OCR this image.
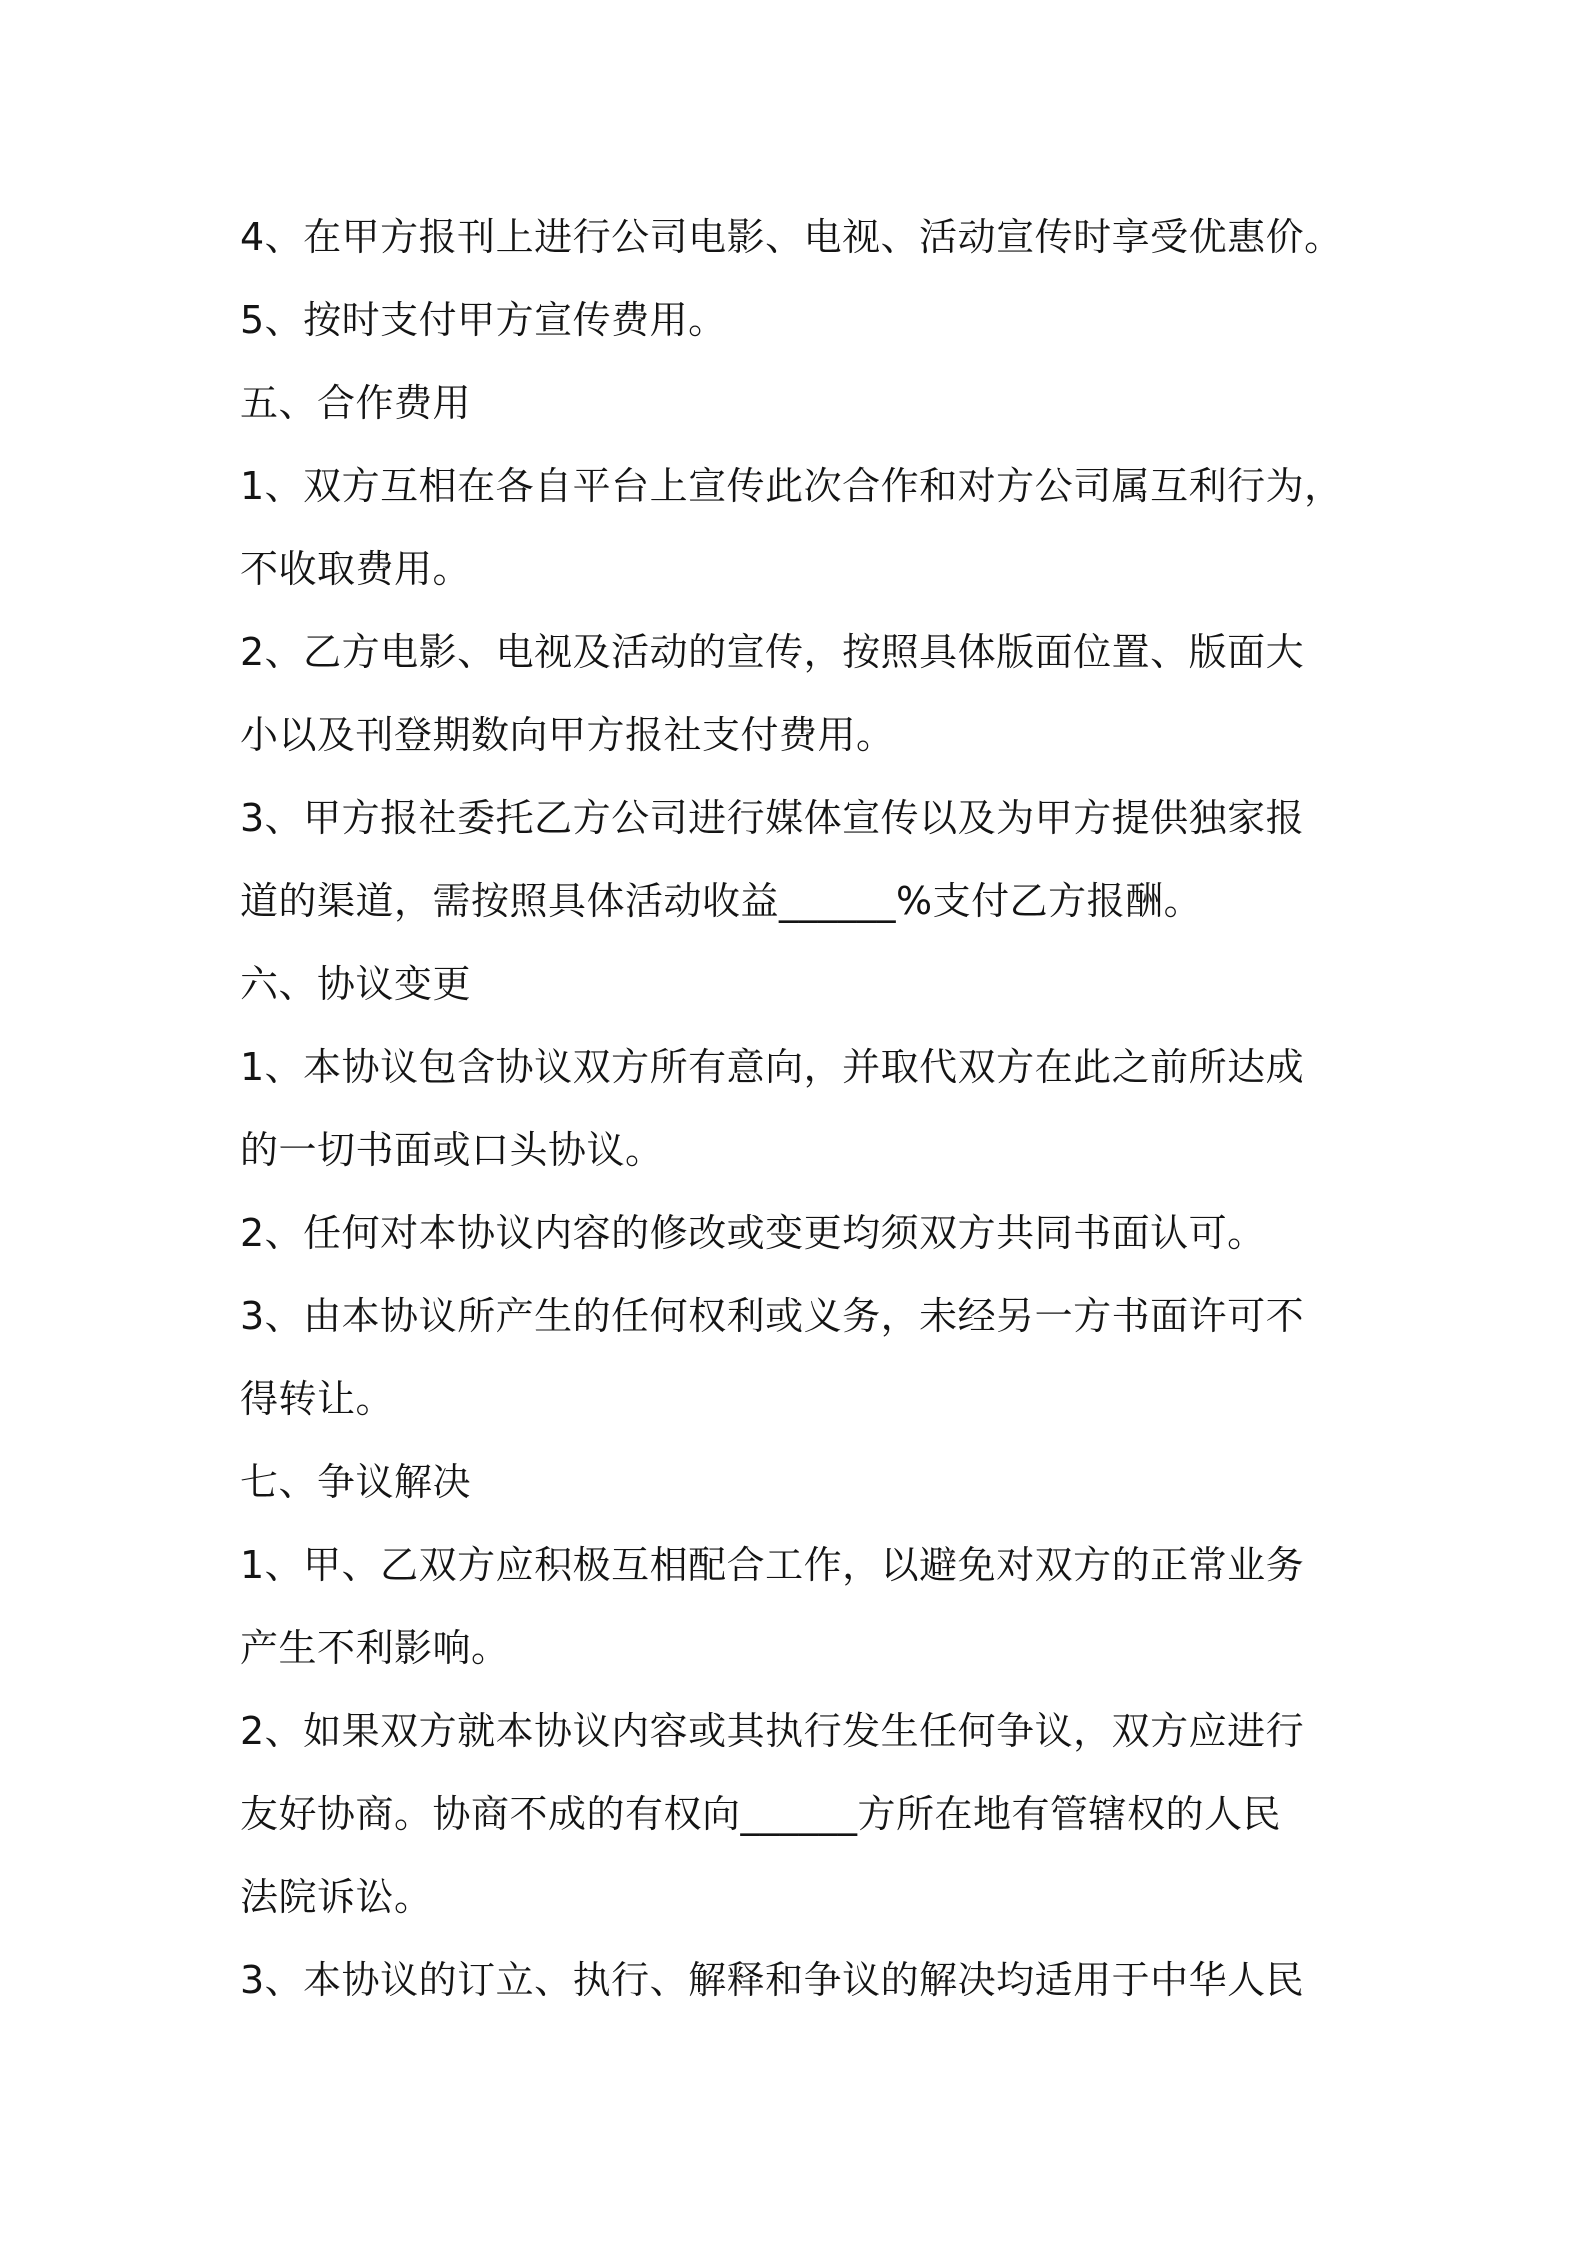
4、在甲方报刊上进行公司电影、电视、活动宣传时享受优惠价。
5、按时支付甲方宣传费用。
五、合作费用
1、双方互相在各自平台上宣传此次合作和对方公司属互利行为，
不收取费用。
2、乙方电影、电视及活动的宣传，按照具体版面位置、版面大
小以及刊登期数向甲方报社支付费用。
3、甲方报社委托乙方公司进行媒体宣传以及为甲方提供独家报
道的渠道，需按照具体活动收益______%支付乙方报酬。
六、协议变更
1、本协议包含协议双方所有意向，并取代双方在此之前所达成
的一切书面或口头协议。
2、任何对本协议内容的修改或变更均须双方共同书面认可。
3、由本协议所产生的任何权利或义务，未经另一方书面许可不
得转让。
七、争议解决
1、甲、乙双方应积极互相配合工作，以避免对双方的正常业务
产生不利影响。
2、如果双方就本协议内容或其执行发生任何争议，双方应进行
友好协商。协商不成的有权向______方所在地有管辖权的人民
法院诉讼。
3、本协议的订立、执行、解释和争议的解决均适用于中华人民
